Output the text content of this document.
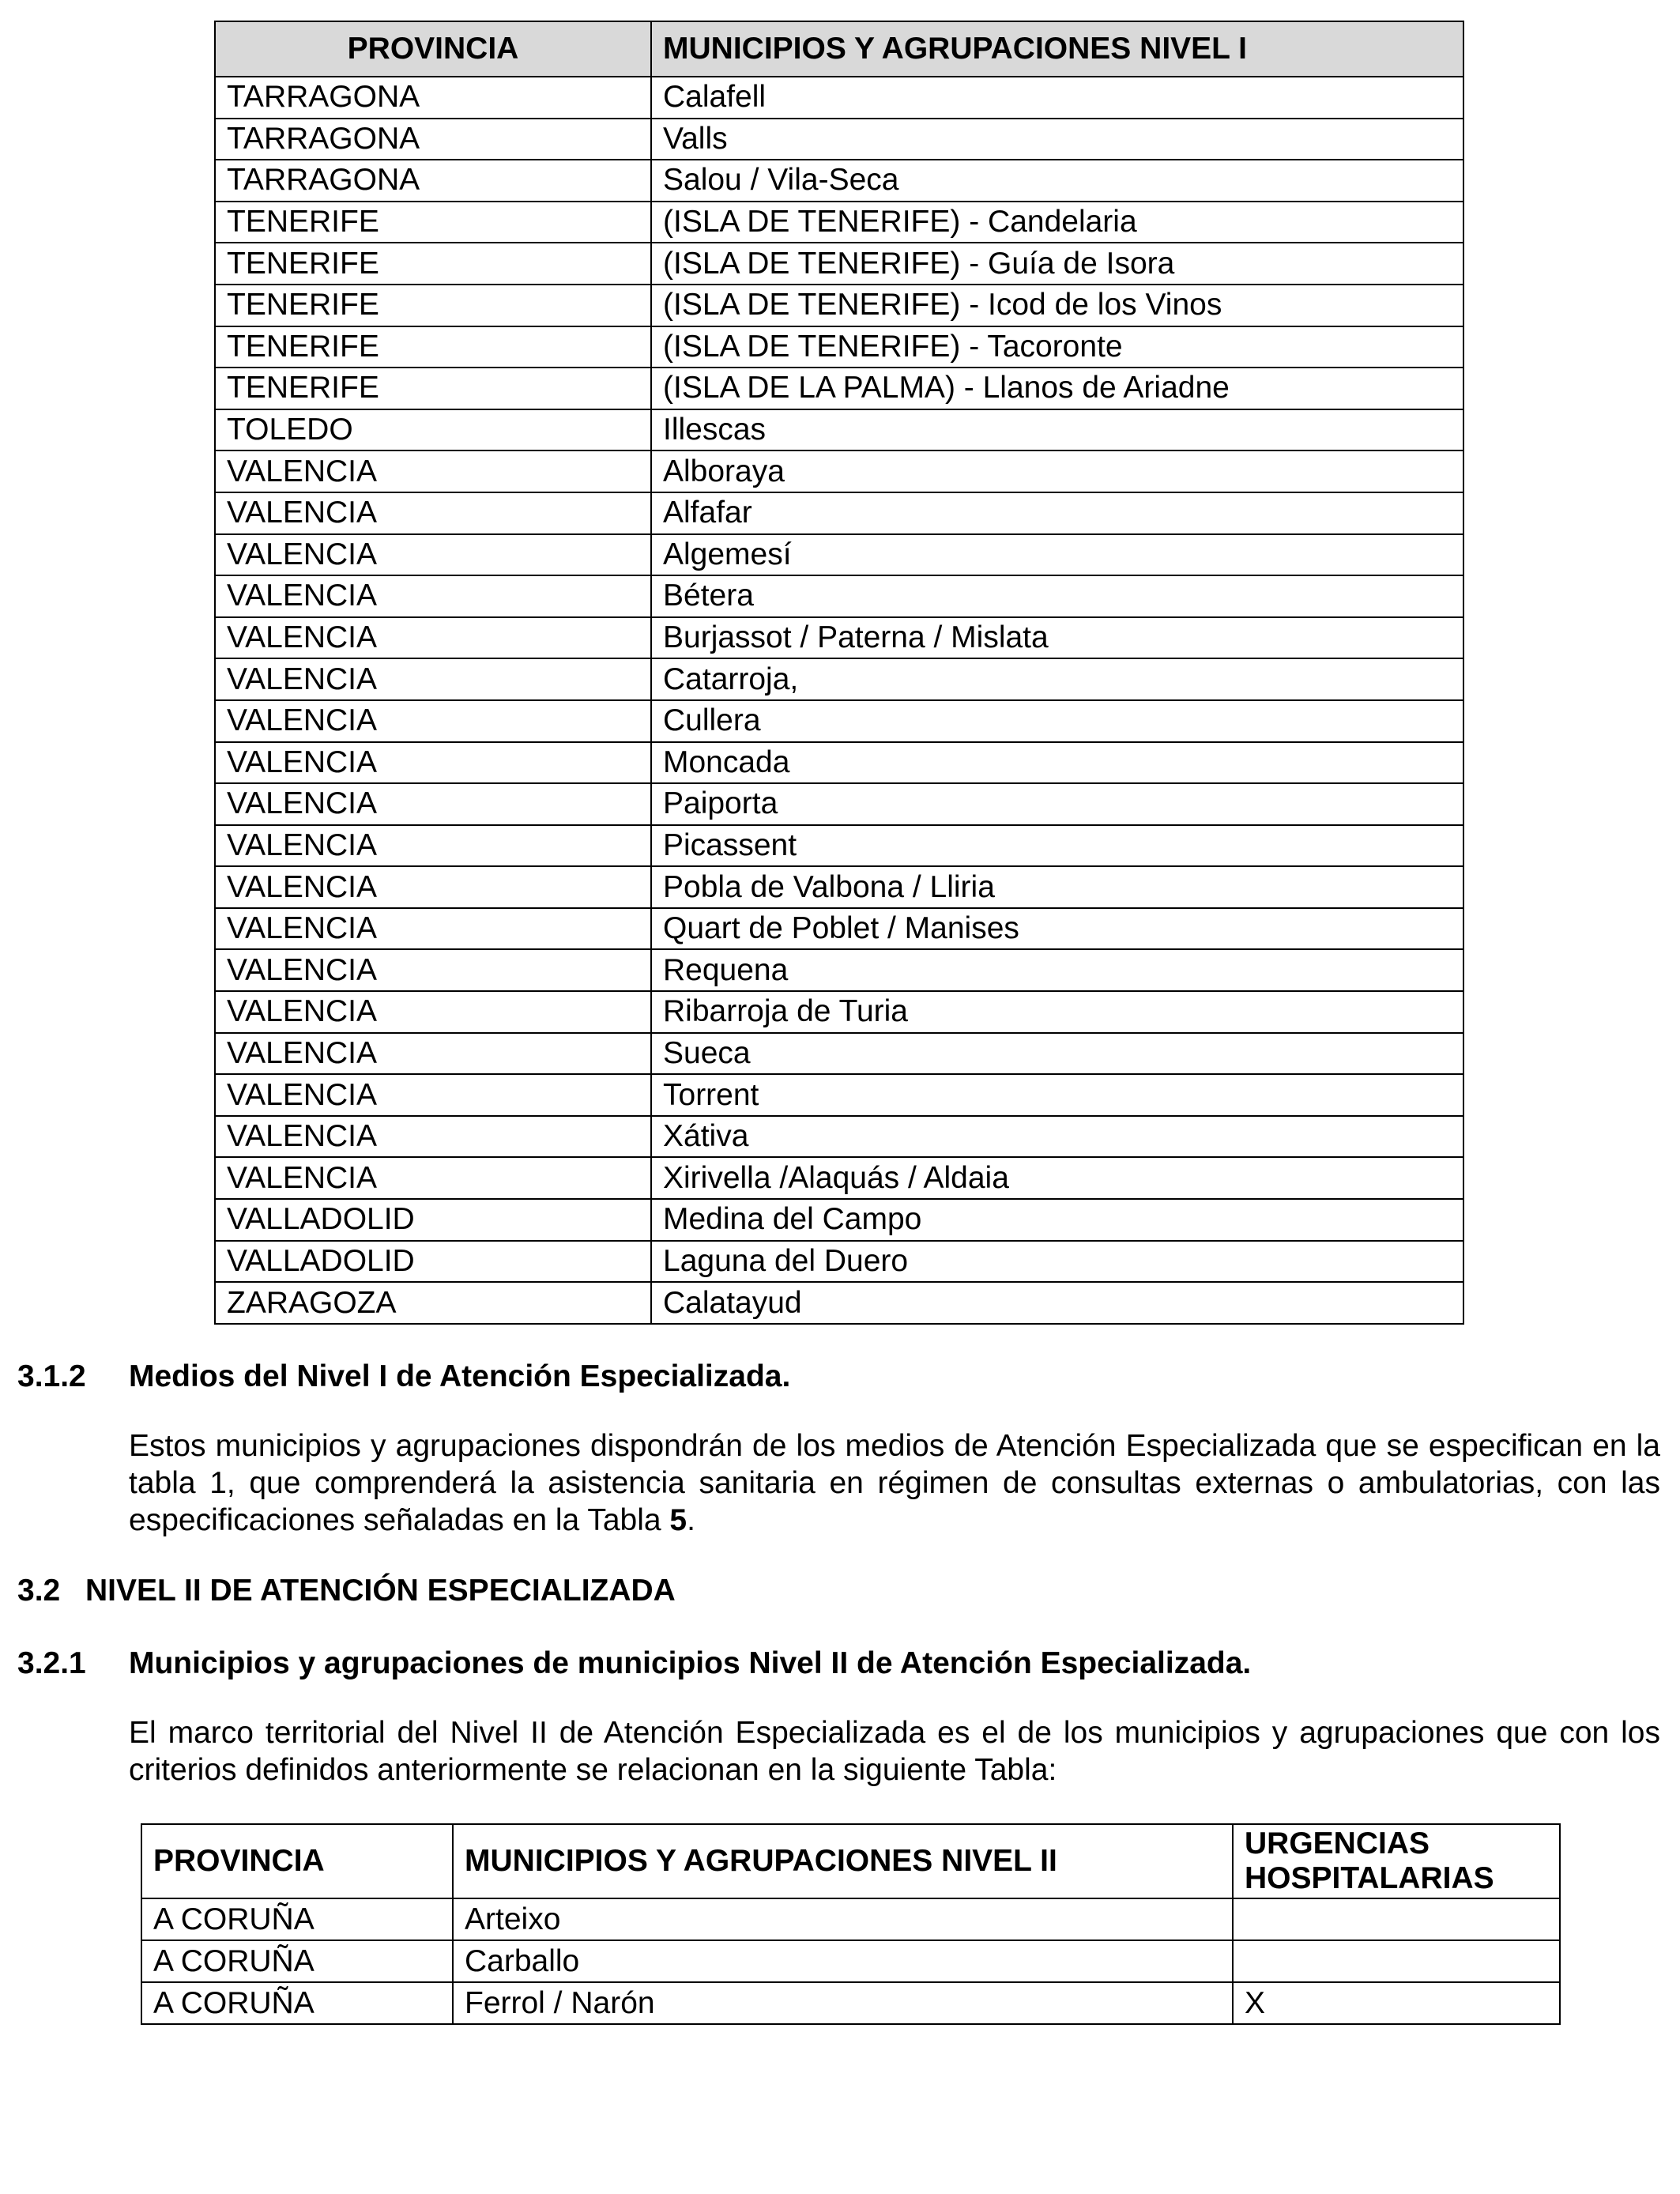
PROVINCIA	MUNICIPIOS Y AGRUPACIONES NIVEL I
TARRAGONA	Calafell
TARRAGONA	Valls
TARRAGONA	Salou / Vila-Seca
TENERIFE	(ISLA DE TENERIFE) - Candelaria
TENERIFE	(ISLA DE TENERIFE) - Guía de Isora
TENERIFE	(ISLA DE TENERIFE) - Icod de los Vinos
TENERIFE	(ISLA DE TENERIFE) - Tacoronte
TENERIFE	(ISLA DE LA PALMA) - Llanos de Ariadne
TOLEDO	Illescas
VALENCIA	Alboraya
VALENCIA	Alfafar
VALENCIA	Algemesí
VALENCIA	Bétera
VALENCIA	Burjassot / Paterna / Mislata
VALENCIA	Catarroja,
VALENCIA	Cullera
VALENCIA	Moncada
VALENCIA	Paiporta
VALENCIA	Picassent
VALENCIA	Pobla de Valbona / Lliria
VALENCIA	Quart de Poblet / Manises
VALENCIA	Requena
VALENCIA	Ribarroja de Turia
VALENCIA	Sueca
VALENCIA	Torrent
VALENCIA	Xátiva
VALENCIA	Xirivella /Alaquás / Aldaia
VALLADOLID	Medina del Campo
VALLADOLID	Laguna del Duero
ZARAGOZA	Calatayud
3.1.2 Medios del Nivel I de Atención Especializada.

Estos municipios y agrupaciones dispondrán de los medios de Atención Especializada que se especifican en la tabla 1, que comprenderá la asistencia sanitaria en régimen de consultas externas o ambulatorias, con las especificaciones señaladas en la Tabla 5.

3.2 NIVEL II DE ATENCIÓN ESPECIALIZADA
3.2.1 Municipios y agrupaciones de municipios Nivel II de Atención Especializada.

El marco territorial del Nivel II de Atención Especializada es el de los municipios y agrupaciones que con los criterios definidos anteriormente se relacionan en la siguiente Tabla:

PROVINCIA	MUNICIPIOS Y AGRUPACIONES NIVEL II	URGENCIAS HOSPITALARIAS
A CORUÑA	Arteixo	
A CORUÑA	Carballo	
A CORUÑA	Ferrol / Narón	X
